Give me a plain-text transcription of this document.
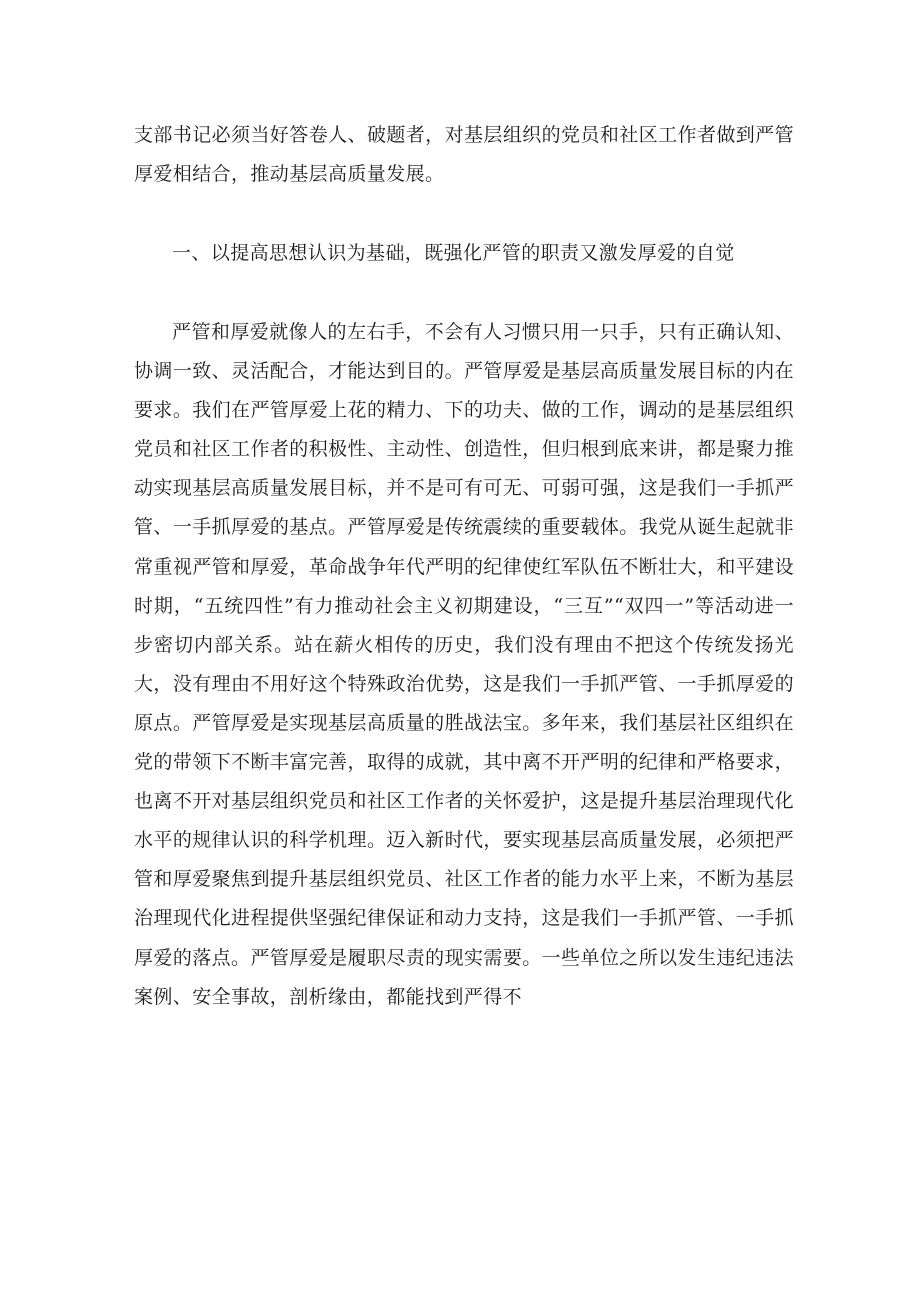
支部书记必须当好答卷人、破题者，对基层组织的党员和社区工作者做到严管厚爱相结合，推动基层高质量发展。
一、以提高思想认识为基础，既强化严管的职责又激发厚爱的自觉
严管和厚爱就像人的左右手，不会有人习惯只用一只手，只有正确认知、协调一致、灵活配合，才能达到目的。严管厚爱是基层高质量发展目标的内在要求。我们在严管厚爱上花的精力、下的功夫、做的工作，调动的是基层组织党员和社区工作者的积极性、主动性、创造性，但归根到底来讲，都是聚力推动实现基层高质量发展目标，并不是可有可无、可弱可强，这是我们一手抓严管、一手抓厚爱的基点。严管厚爱是传统震续的重要载体。我党从诞生起就非常重视严管和厚爱，革命战争年代严明的纪律使红军队伍不断壮大，和平建设时期，“五统四性”有力推动社会主义初期建设，“三互”“双四一”等活动进一步密切内部关系。站在薪火相传的历史，我们没有理由不把这个传统发扬光大，没有理由不用好这个特殊政治优势，这是我们一手抓严管、一手抓厚爱的原点。严管厚爱是实现基层高质量的胜战法宝。多年来，我们基层社区组织在党的带领下不断丰富完善，取得的成就，其中离不开严明的纪律和严格要求，也离不开对基层组织党员和社区工作者的关怀爱护，这是提升基层治理现代化水平的规律认识的科学机理。迈入新时代，要实现基层高质量发展，必须把严管和厚爱聚焦到提升基层组织党员、社区工作者的能力水平上来，不断为基层治理现代化进程提供坚强纪律保证和动力支持，这是我们一手抓严管、一手抓厚爱的落点。严管厚爱是履职尽责的现实需要。一些单位之所以发生违纪违法案例、安全事故，剖析缘由，都能找到严得不
